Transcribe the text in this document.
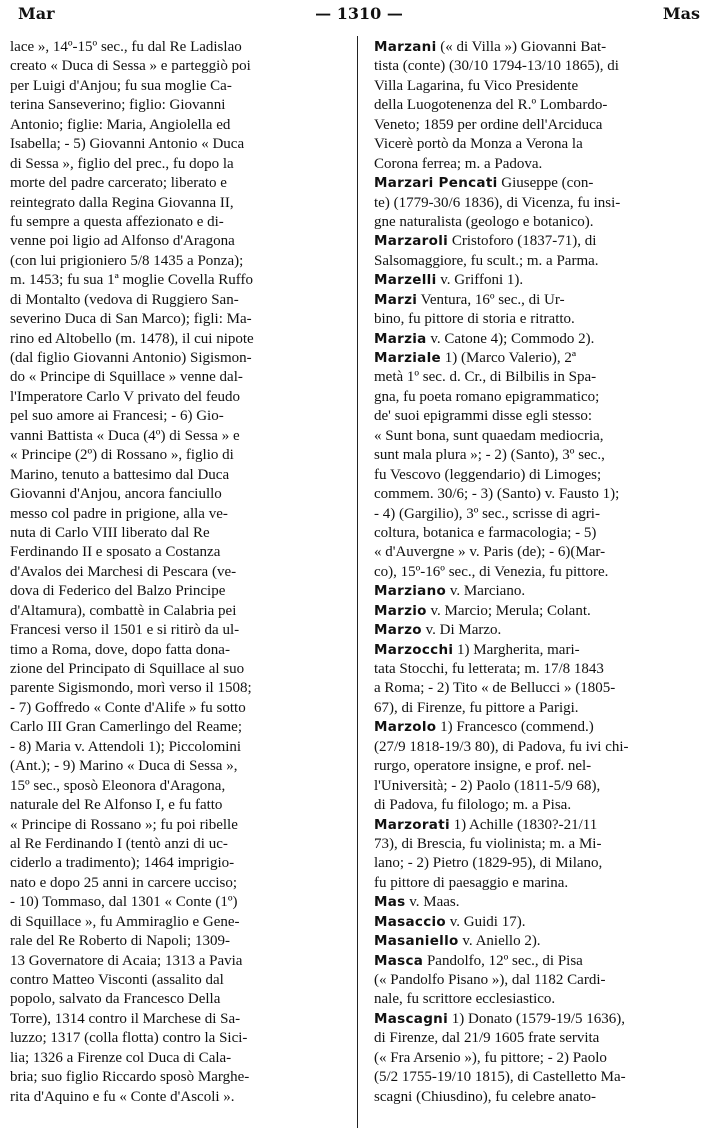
Mar	— 1310 —	Mas
lace », 14º-15º sec., fu dal Re Ladislao
creato « Duca di Sessa » e parteggiò poi
per Luigi d'Anjou; fu sua moglie Ca-
terina Sanseverino; figlio: Giovanni
Antonio; figlie: Maria, Angiolella ed
Isabella; - 5) Giovanni Antonio « Duca
di Sessa », figlio del prec., fu dopo la
morte del padre carcerato; liberato e
reintegrato dalla Regina Giovanna II,
fu sempre a questa affezionato e di-
venne poi ligio ad Alfonso d'Aragona
(con lui prigioniero 5/8 1435 a Ponza);
m. 1453; fu sua 1ª moglie Covella Ruffo
di Montalto (vedova di Ruggiero San-
severino Duca di San Marco); figli: Ma-
rino ed Altobello (m. 1478), il cui nipote
(dal figlio Giovanni Antonio) Sigismon-
do « Principe di Squillace » venne dal-
l'Imperatore Carlo V privato del feudo
pel suo amore ai Francesi; - 6) Gio-
vanni Battista « Duca (4º) di Sessa » e
« Principe (2º) di Rossano », figlio di
Marino, tenuto a battesimo dal Duca
Giovanni d'Anjou, ancora fanciullo
messo col padre in prigione, alla ve-
nuta di Carlo VIII liberato dal Re
Ferdinando II e sposato a Costanza
d'Avalos dei Marchesi di Pescara (ve-
dova di Federico del Balzo Principe
d'Altamura), combattè in Calabria pei
Francesi verso il 1501 e si ritirò da ul-
timo a Roma, dove, dopo fatta dona-
zione del Principato di Squillace al suo
parente Sigismondo, morì verso il 1508;
- 7) Goffredo « Conte d'Alife » fu sotto
Carlo III Gran Camerlingo del Reame;
- 8) Maria v. Attendoli 1); Piccolomini
(Ant.); - 9) Marino « Duca di Sessa »,
15º sec., sposò Eleonora d'Aragona,
naturale del Re Alfonso I, e fu fatto
« Principe di Rossano »; fu poi ribelle
al Re Ferdinando I (tentò anzi di uc-
ciderlo a tradimento); 1464 imprigio-
nato e dopo 25 anni in carcere ucciso;
- 10) Tommaso, dal 1301 « Conte (1º)
di Squillace », fu Ammiraglio e Gene-
rale del Re Roberto di Napoli; 1309-
13 Governatore di Acaia; 1313 a Pavia
contro Matteo Visconti (assalito dal
popolo, salvato da Francesco Della
Torre), 1314 contro il Marchese di Sa-
luzzo; 1317 (colla flotta) contro la Sici-
lia; 1326 a Firenze col Duca di Cala-
bria; suo figlio Riccardo sposò Marghe-
rita d'Aquino e fu « Conte d'Ascoli ».
Marzani (« di Villa ») Giovanni Bat-
tista (conte) (30/10 1794-13/10 1865), di
Villa Lagarina, fu Vico Presidente
della Luogotenenza del R.º Lombardo-
Veneto; 1859 per ordine dell'Arciduca
Vicerè portò da Monza a Verona la
Corona ferrea; m. a Padova.
Marzari Pencati Giuseppe (con-
te) (1779-30/6 1836), di Vicenza, fu insi-
gne naturalista (geologo e botanico).
Marzaroli Cristoforo (1837-71), di
Salsomaggiore, fu scult.; m. a Parma.
Marzelli v. Griffoni 1).
Marzi Ventura, 16º sec., di Ur-
bino, fu pittore di storia e ritratto.
Marzia v. Catone 4); Commodo 2).
Marziale 1) (Marco Valerio), 2ª
metà 1º sec. d. Cr., di Bilbilis in Spa-
gna, fu poeta romano epigrammatico;
de' suoi epigrammi disse egli stesso:
« Sunt bona, sunt quaedam mediocria,
sunt mala plura »; - 2) (Santo), 3º sec.,
fu Vescovo (leggendario) di Limoges;
commem. 30/6; - 3) (Santo) v. Fausto 1);
- 4) (Gargilio), 3º sec., scrisse di agri-
coltura, botanica e farmacologia; - 5)
« d'Auvergne » v. Paris (de); - 6)(Mar-
co), 15º-16º sec., di Venezia, fu pittore.
Marziano v. Marciano.
Marzio v. Marcio; Merula; Colant.
Marzo v. Di Marzo.
Marzocchi 1) Margherita, mari-
tata Stocchi, fu letterata; m. 17/8 1843
a Roma; - 2) Tito « de Bellucci » (1805-
67), di Firenze, fu pittore a Parigi.
Marzolo 1) Francesco (commend.)
(27/9 1818-19/3 80), di Padova, fu ivi chi-
rurgo, operatore insigne, e prof. nel-
l'Università; - 2) Paolo (1811-5/9 68),
di Padova, fu filologo; m. a Pisa.
Marzorati 1) Achille (1830?-21/11
73), di Brescia, fu violinista; m. a Mi-
lano; - 2) Pietro (1829-95), di Milano,
fu pittore di paesaggio e marina.
Mas v. Maas.
Masaccio v. Guidi 17).
Masaniello v. Aniello 2).
Masca Pandolfo, 12º sec., di Pisa
(« Pandolfo Pisano »), dal 1182 Cardi-
nale, fu scrittore ecclesiastico.
Mascagni 1) Donato (1579-19/5 1636),
di Firenze, dal 21/9 1605 frate servita
(« Fra Arsenio »), fu pittore; - 2) Paolo
(5/2 1755-19/10 1815), di Castelletto Ma-
scagni (Chiusdino), fu celebre anato-
